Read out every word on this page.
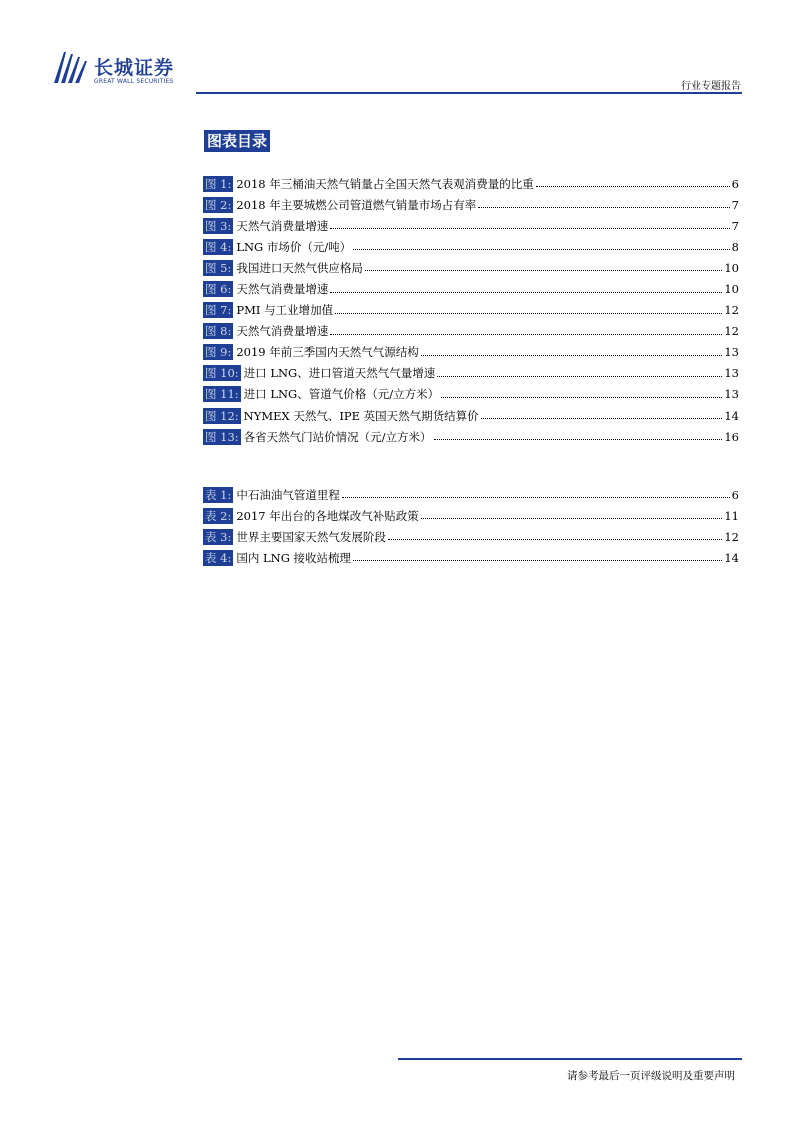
长城证券
GREAT WALL SECURITIES	行业专题报告
图表目录
图 1: 2018 年三桶油天然气销量占全国天然气表观消费量的比重	6
图 2: 2018 年主要城燃公司管道燃气销量市场占有率	7
图 3: 天然气消费量增速	7
图 4: LNG 市场价（元/吨）	8
图 5: 我国进口天然气供应格局	10
图 6: 天然气消费量增速	10
图 7: PMI 与工业增加值	12
图 8: 天然气消费量增速	12
图 9: 2019 年前三季国内天然气气源结构	13
图 10: 进口 LNG、进口管道天然气气量增速	13
图 11: 进口 LNG、管道气价格（元/立方米）	13
图 12: NYMEX 天然气、IPE 英国天然气期货结算价	14
图 13: 各省天然气门站价情况（元/立方米）	16
表 1: 中石油油气管道里程	6
表 2: 2017 年出台的各地煤改气补贴政策	11
表 3: 世界主要国家天然气发展阶段	12
表 4: 国内 LNG 接收站梳理	14
请参考最后一页评级说明及重要声明
